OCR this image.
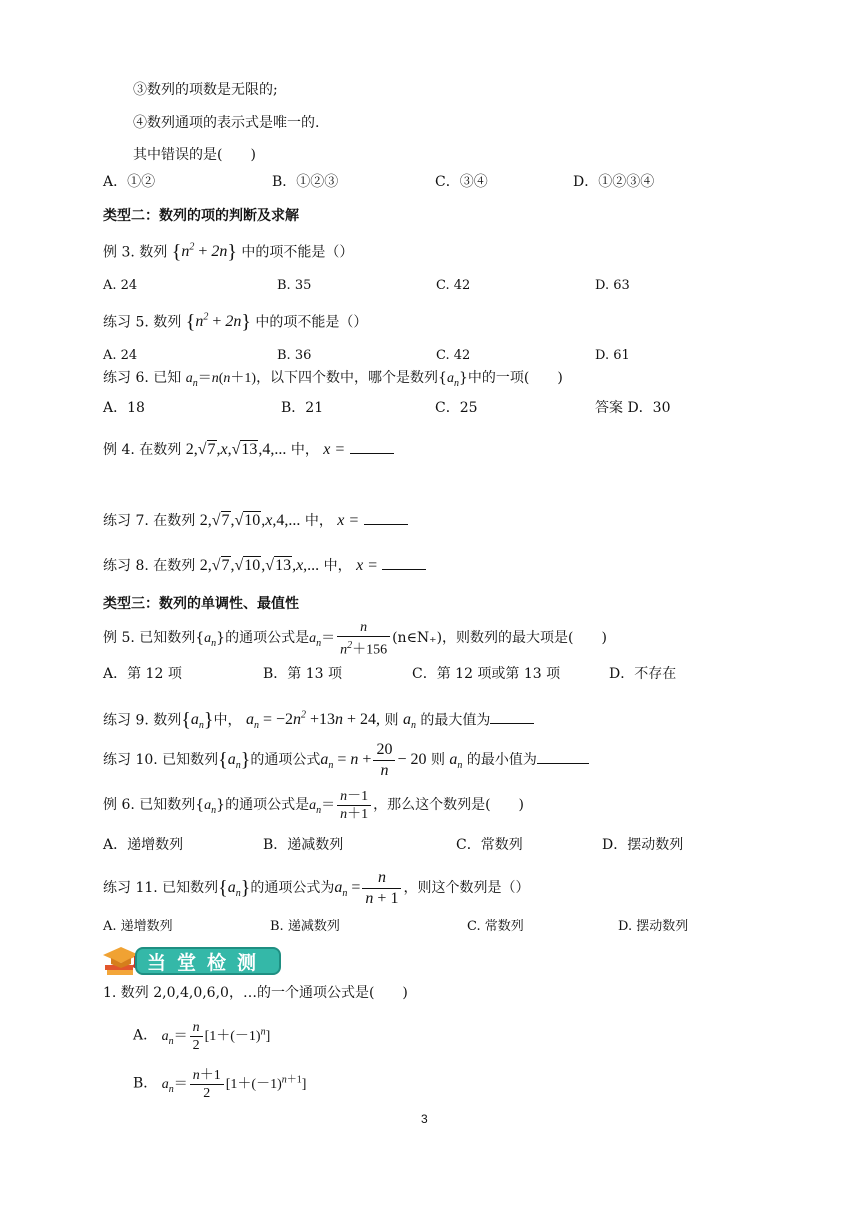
③数列的项数是无限的;
④数列通项的表示式是唯一的.
其中错误的是(　　)
A．①②	B．①②③	C．③④	D．①②③④
类型二：数列的项的判断及求解
例 3. 数列 $\{n^2 + 2n\}$ 中的项不能是（）
A. 24	B. 35	C. 42	D. 63
练习 5. 数列 $\{n^2 + 2n\}$ 中的项不能是（）
A. 24	B. 36	C. 42	D. 61
练习 6. 已知 $a_n=n(n+1)$，以下四个数中，哪个是数列$\{a_n\}$中的一项(　　)
A．18	B．21	C．25	答案 D．30
例 4. 在数列 2,√7,x,√13,4,... 中， x =
练习 7. 在数列 2,√7,√10,x,4,... 中， x =
练习 8. 在数列 2,√7,√10,√13,x,... 中， x =
类型三：数列的单调性、最值性
例 5. 已知数列$\{a_n\}$的通项公式是$a_n= \frac{n}{n^2+156}$ (n∈N₊)，则数列的最大项是(　　)
A．第 12 项	B．第 13 项	C．第 12 项或第 13 项	D．不存在
练习 9. 数列$\{a_n\}$中， $a_n = -2n^2 +13n + 24$, 则 $a_n$ 的最大值为
练习 10. 已知数列$\{a_n\}$的通项公式$a_n = n + \frac{20}{n} - 20$ 则 $a_n$ 的最小值为
例 6. 已知数列$\{a_n\}$的通项公式是$a_n= \frac{n-1}{n+1}$ ，那么这个数列是(　　)
A．递增数列	B．递减数列	C．常数列	D．摆动数列
练习 11. 已知数列$\{a_n\}$的通项公式为$a_n = \frac{n}{n + 1}$ ，则这个数列是（）
A. 递增数列	B. 递减数列	C. 常数列	D. 摆动数列
当堂检测
1. 数列 2,0,4,0,6,0，…的一个通项公式是(　　)
A． $a_n= \frac{n}{2} [1+(-1)^n]$
B． $a_n= \frac{n+1}{2} [1+(-1)^{n+1}]$
3
